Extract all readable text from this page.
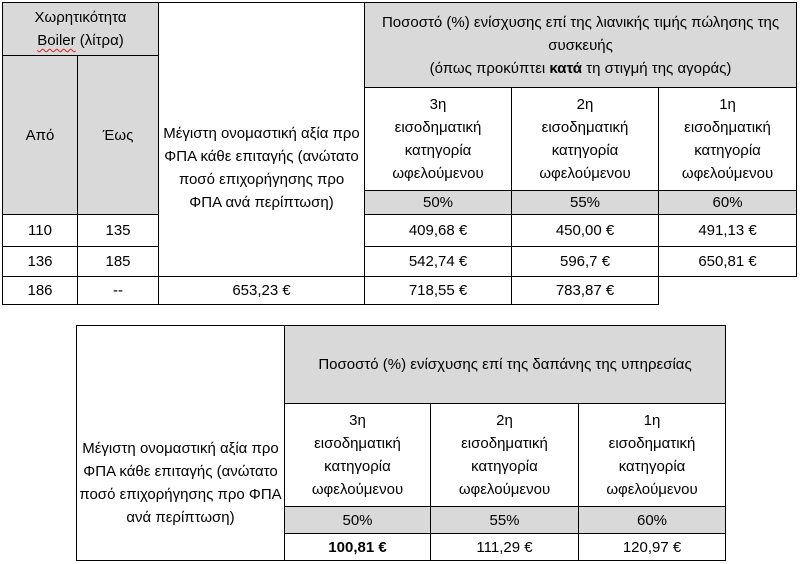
Χωρητικότητα
Boiler (λίτρα)		Μέγιστη ονομαστική αξία προ ΦΠΑ κάθε επιταγής (ανώτατο ποσό επιχορήγησης προ ΦΠΑ ανά περίπτωση)	Ποσοστό (%) ενίσχυσης επί της λιανικής τιμής πώλησης της συσκευής
(όπως προκύπτει κατά τη στιγμή της αγοράς)		
Από	Έως				
			3η
εισοδηματική
κατηγορία
ωφελούμενου	2η
εισοδηματική
κατηγορία
ωφελούμενου	1η
εισοδηματική
κατηγορία
ωφελούμενου
			50%	55%	60%
110	135		409,68 €	450,00 €	491,13 €
136	185		542,74 €	596,7 €	650,81 €
186	--	653,23 €	718,55 €	783,87 €	
Μέγιστη ονομαστική αξία προ ΦΠΑ κάθε επιταγής (ανώτατο ποσό επιχορήγησης προ ΦΠΑ ανά περίπτωση)	Ποσοστό (%) ενίσχυσης επί της δαπάνης της υπηρεσίας		
	3η
εισοδηματική
κατηγορία
ωφελούμενου	2η
εισοδηματική
κατηγορία
ωφελούμενου	1η
εισοδηματική
κατηγορία
ωφελούμενου
	50%	55%	60%
	100,81 €	111,29 €	120,97 €
